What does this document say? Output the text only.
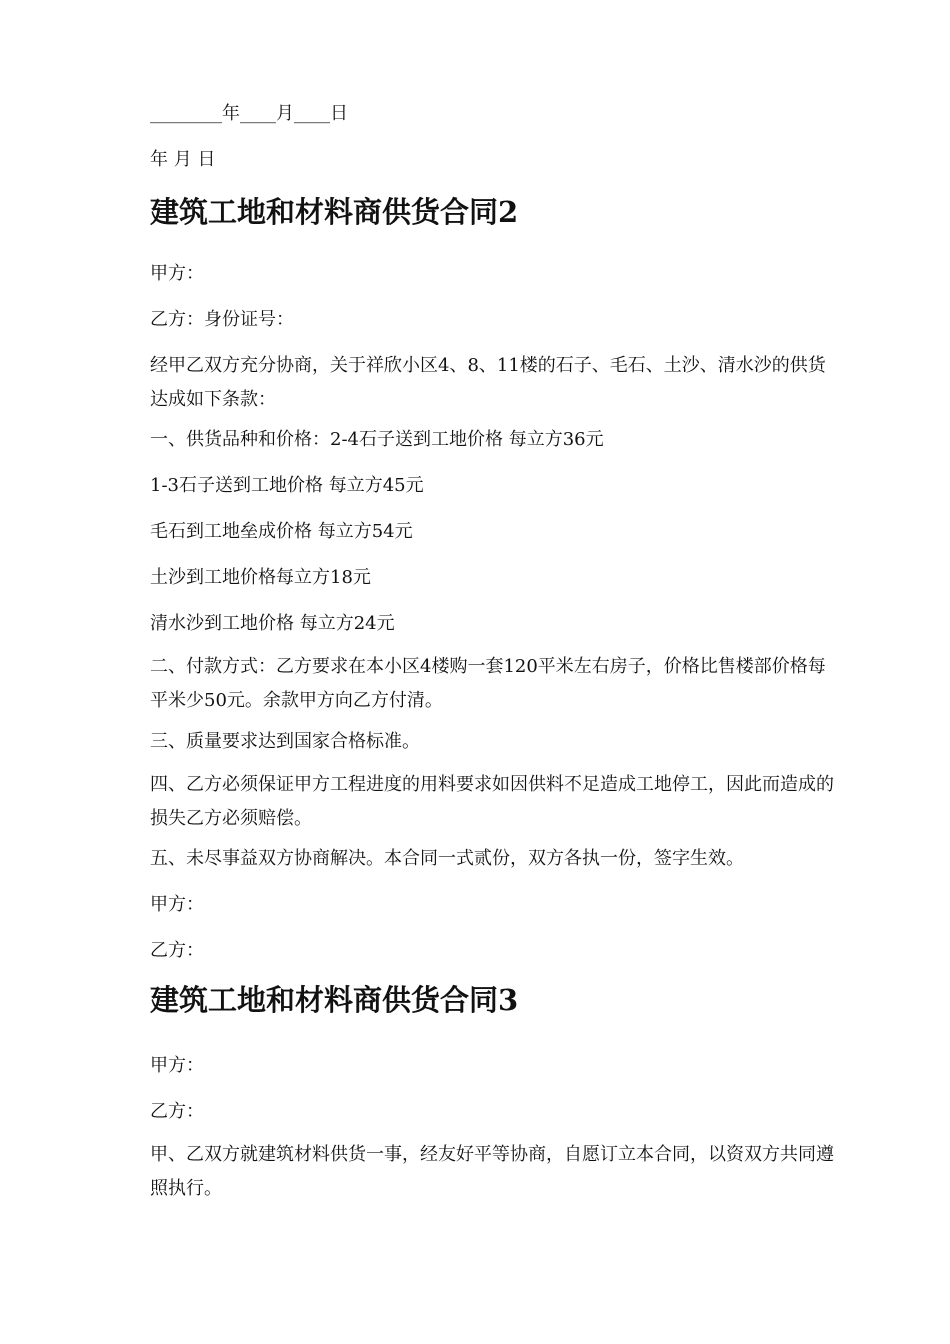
________年____月____日
年 月 日
建筑工地和材料商供货合同2
甲方：
乙方：身份证号：
经甲乙双方充分协商，关于祥欣小区4、8、11楼的石子、毛石、土沙、清水沙的供货达成如下条款：
一、供货品种和价格：2-4石子送到工地价格 每立方36元
1-3石子送到工地价格 每立方45元
毛石到工地垒成价格 每立方54元
土沙到工地价格每立方18元
清水沙到工地价格 每立方24元
二、付款方式：乙方要求在本小区4楼购一套120平米左右房子，价格比售楼部价格每平米少50元。余款甲方向乙方付清。
三、质量要求达到国家合格标准。
四、乙方必须保证甲方工程进度的用料要求如因供料不足造成工地停工，因此而造成的损失乙方必须赔偿。
五、未尽事益双方协商解决。本合同一式贰份，双方各执一份，签字生效。
甲方：
乙方：
建筑工地和材料商供货合同3
甲方：
乙方：
甲、乙双方就建筑材料供货一事，经友好平等协商，自愿订立本合同，以资双方共同遵照执行。
